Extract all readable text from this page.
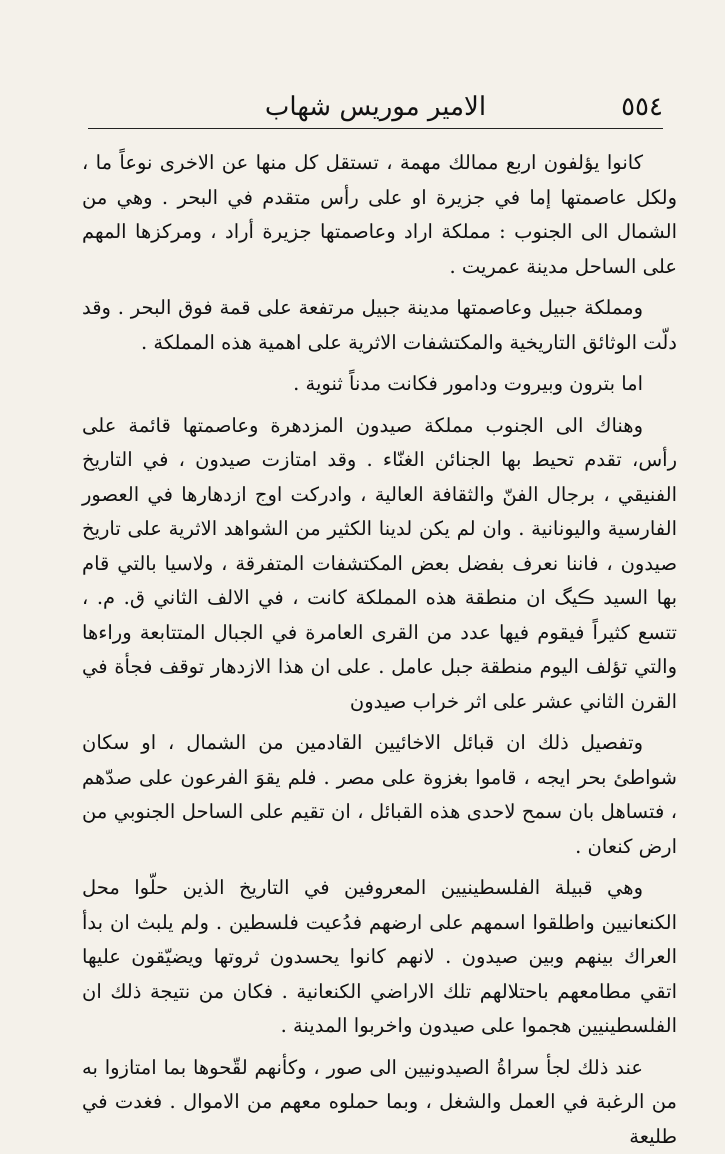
٥٥٤
الامير موريس شهاب

كانوا يؤلفون اربع ممالك مهمة ، تستقل كل منها عن الاخرى نوعاً ما ، ولكل عاصمتها إما في جزيرة او على رأس متقدم في البحر . وهي من الشمال الى الجنوب : مملكة اراد وعاصمتها جزيرة أراد ، ومركزها المهم على الساحل مدينة عمريت .

ومملكة جبيل وعاصمتها مدينة جبيل مرتفعة على قمة فوق البحر . وقد دلّت الوثائق التاريخية والمكتشفات الاثرية على اهمية هذه المملكة .

اما بترون وبيروت ودامور فكانت مدناً ثنوية .

وهناك الى الجنوب مملكة صيدون المزدهرة وعاصمتها قائمة على رأس، تقدم تحيط بها الجنائن الغنّاء . وقد امتازت صيدون ، في التاريخ الفنيقي ، برجال الفنّ والثقافة العالية ، وادركت اوج ازدهارها في العصور الفارسية واليونانية . وان لم يكن لدينا الكثير من الشواهد الاثرية على تاريخ صيدون ، فاننا نعرف بفضل بعض المكتشفات المتفرقة ، ولاسيا بالتي قام بها السيد ڪيگ ان منطقة هذه المملكة كانت ، في الالف الثاني ق. م. ، تتسع كثيراً فيقوم فيها عدد من القرى العامرة في الجبال المتتابعة وراءها والتي تؤلف اليوم منطقة جبل عامل . على ان هذا الازدهار توقف فجأة في القرن الثاني عشر على اثر خراب صيدون

وتفصيل ذلك ان قبائل الاخائيين القادمين من الشمال ، او سكان شواطئ بحر ايجه ، قاموا بغزوة على مصر . فلم يقوَ الفرعون على صدّهم ، فتساهل بان سمح لاحدى هذه القبائل ، ان تقيم على الساحل الجنوبي من ارض كنعان .

وهي قبيلة الفلسطينيين المعروفين في التاريخ الذين حلّوا محل الكنعانيين واطلقوا اسمهم على ارضهم فدُعيت فلسطين . ولم يلبث ان بدأ العراك بينهم وبين صيدون . لانهم كانوا يحسدون ثروتها ويضيّقون عليها اتقي مطامعهم باحتلالهم تلك الاراضي الكنعانية . فكان من نتيجة ذلك ان الفلسطينيين هجموا على صيدون واخربوا المدينة .

عند ذلك لجأ سراةُ الصيدونيين الى صور ، وكأنهم لقّحوها بما امتازوا به من الرغبة في العمل والشغل ، وبما حملوه معهم من الاموال . فغدت في طليعة
